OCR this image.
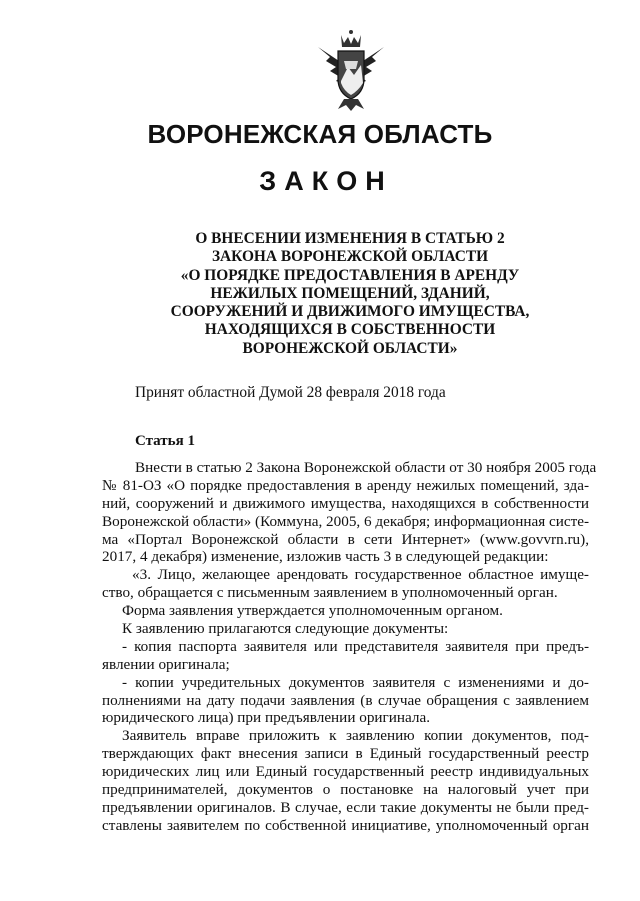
ВОРОНЕЖСКАЯ ОБЛАСТЬ
ЗАКОН
О ВНЕСЕНИИ ИЗМЕНЕНИЯ В СТАТЬЮ 2
ЗАКОНА ВОРОНЕЖСКОЙ ОБЛАСТИ
«О ПОРЯДКЕ ПРЕДОСТАВЛЕНИЯ В АРЕНДУ
НЕЖИЛЫХ ПОМЕЩЕНИЙ, ЗДАНИЙ,
СООРУЖЕНИЙ И ДВИЖИМОГО ИМУЩЕСТВА,
НАХОДЯЩИХСЯ В СОБСТВЕННОСТИ
ВОРОНЕЖСКОЙ ОБЛАСТИ»
Принят областной Думой 28 февраля 2018 года
Статья 1
Внести в статью 2 Закона Воронежской области от 30 ноября 2005 года
№ 81-ОЗ «О порядке предоставления в аренду нежилых помещений, зда-
ний, сооружений и движимого имущества, находящихся в собственности
Воронежской области» (Коммуна, 2005, 6 декабря; информационная систе-
ма «Портал Воронежской области в сети Интернет» (www.govvrn.ru),
2017, 4 декабря) изменение, изложив часть 3 в следующей редакции:
«3. Лицо, желающее арендовать государственное областное имуще-
ство, обращается с письменным заявлением в уполномоченный орган.
Форма заявления утверждается уполномоченным органом.
К заявлению прилагаются следующие документы:
- копия паспорта заявителя или представителя заявителя при предъ-
явлении оригинала;
- копии учредительных документов заявителя с изменениями и до-
полнениями на дату подачи заявления (в случае обращения с заявлением
юридического лица) при предъявлении оригинала.
Заявитель вправе приложить к заявлению копии документов, под-
тверждающих факт внесения записи в Единый государственный реестр
юридических лиц или Единый государственный реестр индивидуальных
предпринимателей, документов о постановке на налоговый учет при
предъявлении оригиналов. В случае, если такие документы не были пред-
ставлены заявителем по собственной инициативе, уполномоченный орган
